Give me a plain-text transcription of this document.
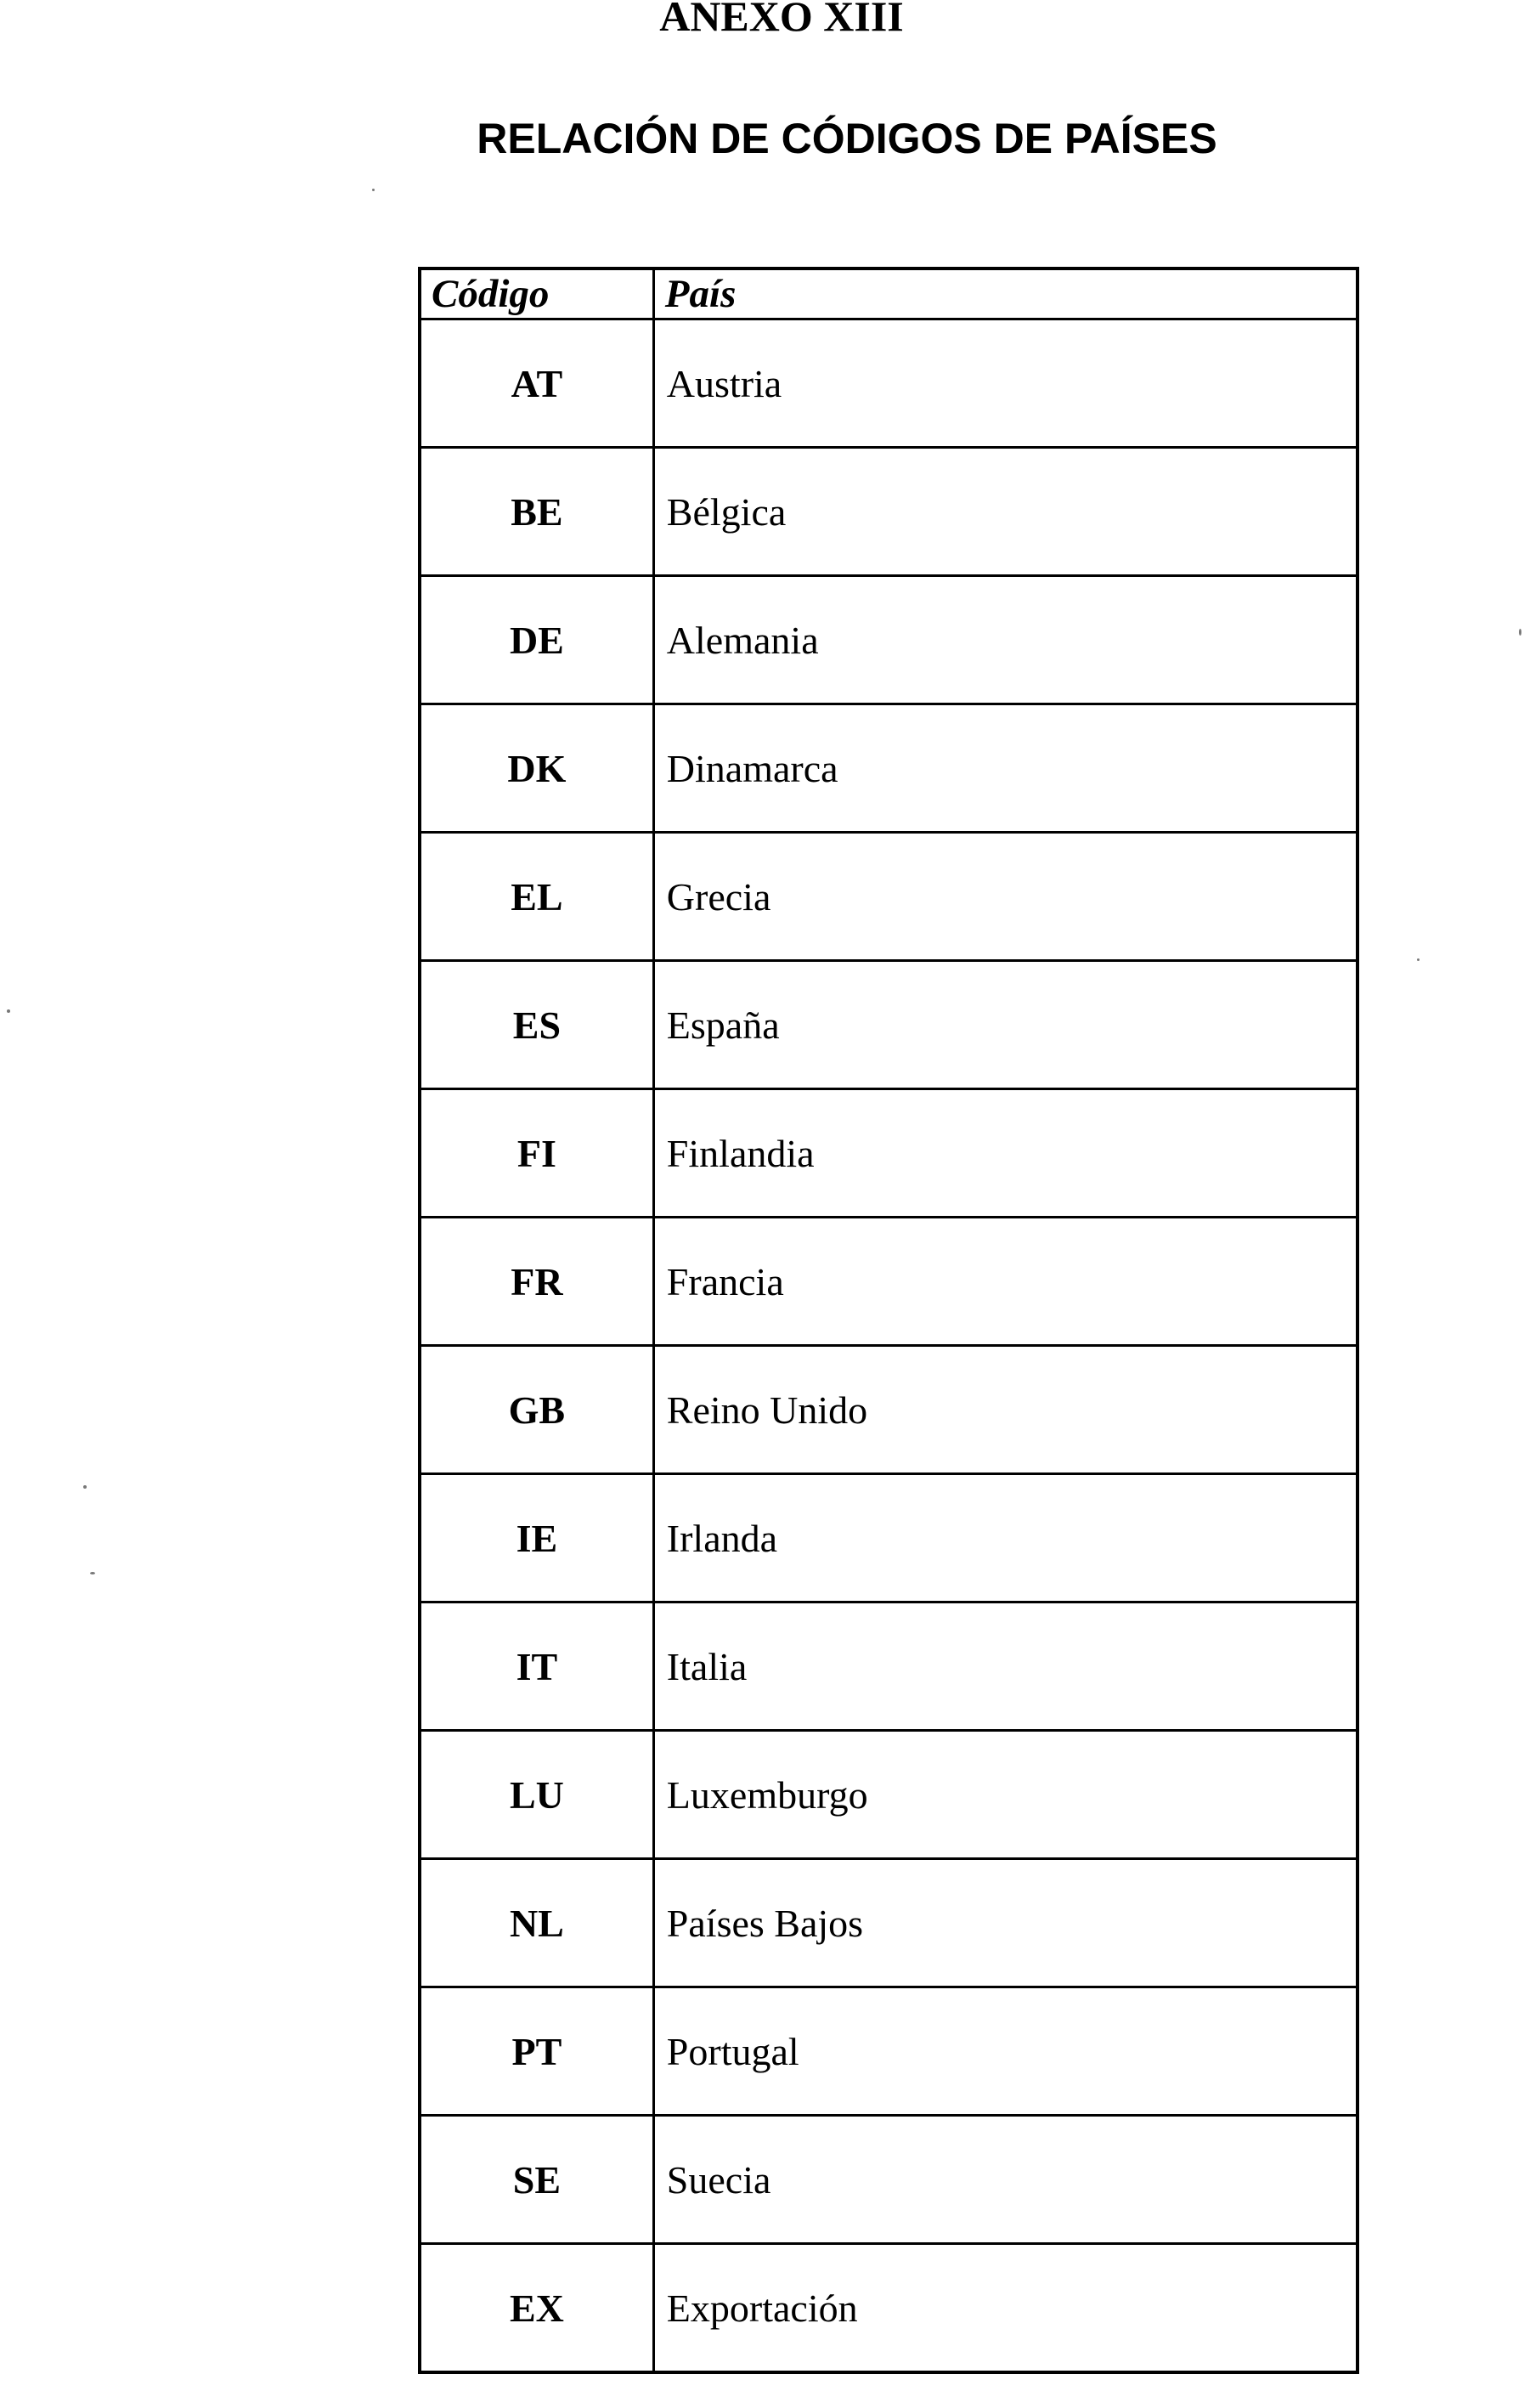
ANEXO XIII
RELACIÓN DE CÓDIGOS DE PAÍSES
Código	País
AT	Austria
BE	Bélgica
DE	Alemania
DK	Dinamarca
EL	Grecia
ES	España
FI	Finlandia
FR	Francia
GB	Reino Unido
IE	Irlanda
IT	Italia
LU	Luxemburgo
NL	Países Bajos
PT	Portugal
SE	Suecia
EX	Exportación
